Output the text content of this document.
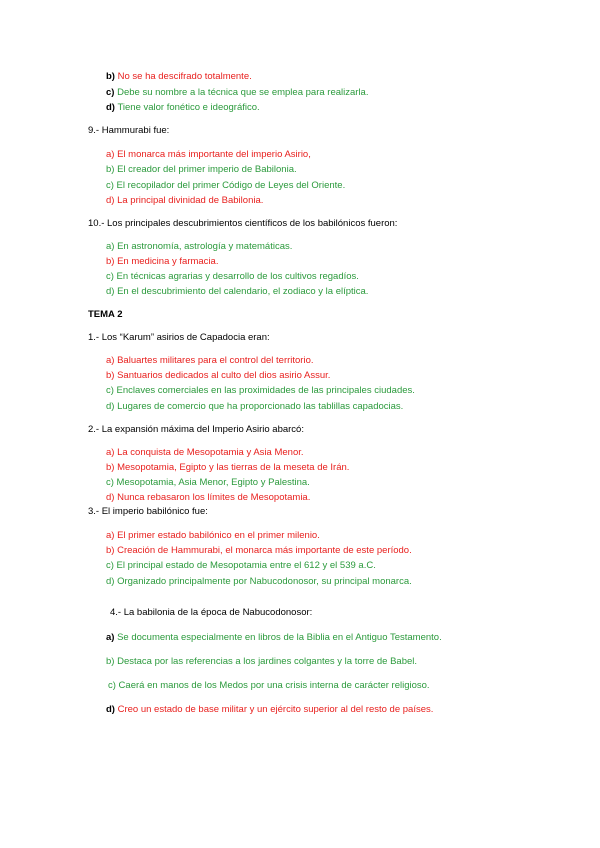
b) No se ha descifrado totalmente.
c) Debe su nombre a la técnica que se emplea para realizarla.
d) Tiene valor fonético e ideográfico.
9.- Hammurabi fue:
a) El monarca más importante del imperio Asirio,
b) El creador del primer imperio de Babilonia.
c) El recopilador del primer Código de Leyes del Oriente.
d) La principal divinidad de Babilonia.
10.- Los principales descubrimientos científicos de los babilónicos fueron:
a) En astronomía, astrología y matemáticas.
b) En medicina y farmacia.
c) En técnicas agrarias y desarrollo de los cultivos regadíos.
d) En el descubrimiento del calendario, el zodiaco y la elíptica.
TEMA 2
1.- Los “Karum” asirios de Capadocia eran:
a) Baluartes militares para el control del territorio.
b) Santuarios dedicados al culto del dios asirio Assur.
c) Enclaves comerciales en las proximidades de las principales ciudades.
d) Lugares de comercio que ha proporcionado las tablillas capadocias.
2.- La expansión máxima del Imperio Asirio abarcó:
a) La conquista de Mesopotamia y Asia Menor.
b) Mesopotamia, Egipto y las tierras de la meseta de Irán.
c) Mesopotamia, Asia Menor, Egipto y Palestina.
d) Nunca rebasaron los límites de Mesopotamia.
3.- El imperio babilónico fue:
a) El primer estado babilónico en el primer milenio.
b) Creación de Hammurabi, el monarca más importante de este período.
c) El principal estado de Mesopotamia entre el 612 y el 539 a.C.
d) Organizado principalmente por Nabucodonosor, su principal monarca.
4.- La babilonia de la época de Nabucodonosor:
a) Se documenta especialmente en libros de la Biblia en el Antiguo Testamento.
b) Destaca por las referencias a los jardines colgantes y la torre de Babel.
c) Caerá en manos de los Medos por una crisis interna de carácter religioso.
d) Creo un estado de base militar y un ejército superior al del resto de países.
